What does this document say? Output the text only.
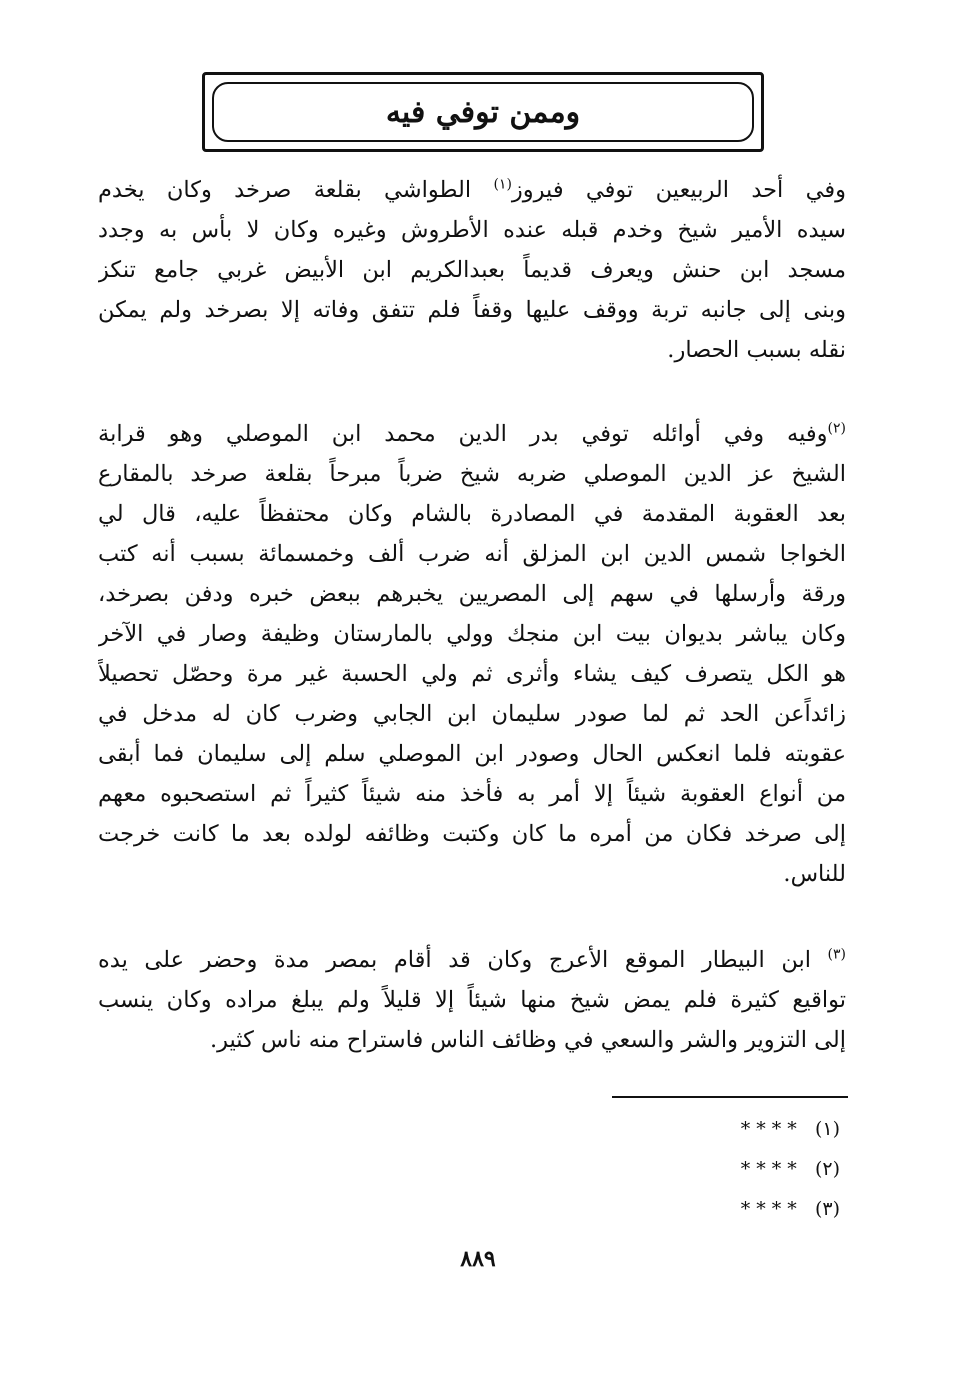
وممن توفي فيه
وفي أحد الربيعين توفي فيروز$^{(١)}$ الطواشي بقلعة صرخد وكان يخدم
سيده الأمير شيخ وخدم قبله عنده الأطروش وغيره وكان لا بأس به وجدد
مسجد ابن حنش ويعرف قديماً بعبدالكريم ابن الأبيض غربي جامع تنكز
وبنى إلى جانبه تربة ووقف عليها وقفاً فلم تتفق وفاته إلا بصرخد ولم يمكن
نقله بسبب الحصار.
$^{(٢)}$وفيه وفي أوائله توفي بدر الدين محمد ابن الموصلي وهو قرابة
الشيخ عز الدين الموصلي ضربه شيخ ضرباً مبرحاً بقلعة صرخد بالمقارع
بعد العقوبة المقدمة في المصادرة بالشام وكان محتفظاً عليه، قال لي
الخواجا شمس الدين ابن المزلق أنه ضرب ألف وخمسمائة بسبب أنه كتب
ورقة وأرسلها في سهم إلى المصريين يخبرهم ببعض خبره ودفن بصرخد،
وكان يباشر بديوان بيت ابن منجك وولي بالمارستان وظيفة وصار في الآخر
هو الكل يتصرف كيف يشاء وأثرى ثم ولي الحسبة غير مرة وحصّل تحصيلاً
زائداًعن الحد ثم لما صودر سليمان ابن الجابي وضرب كان له مدخل في
عقوبته فلما انعكس الحال وصودر ابن الموصلي سلم إلى سليمان فما أبقى
من أنواع العقوبة شيئاً إلا أمر به فأخذ منه شيئاً كثيراً ثم استصحبوه معهم
إلى صرخد فكان من أمره ما كان وكتبت وظائفه لولده بعد ما كانت خرجت
للناس.
$^{(٣)}$ ابن البيطار الموقع الأعرج وكان قد أقام بمصر مدة وحضر على يده
تواقيع كثيرة فلم يمض شيخ منها شيئاً إلا قليلاً ولم يبلغ مراده وكان ينسب
إلى التزوير والشر والسعي في وظائف الناس فاستراح منه ناس كثير.
(١)   * * * *
(٢)   * * * *
(٣)   * * * *
٨٨٩
